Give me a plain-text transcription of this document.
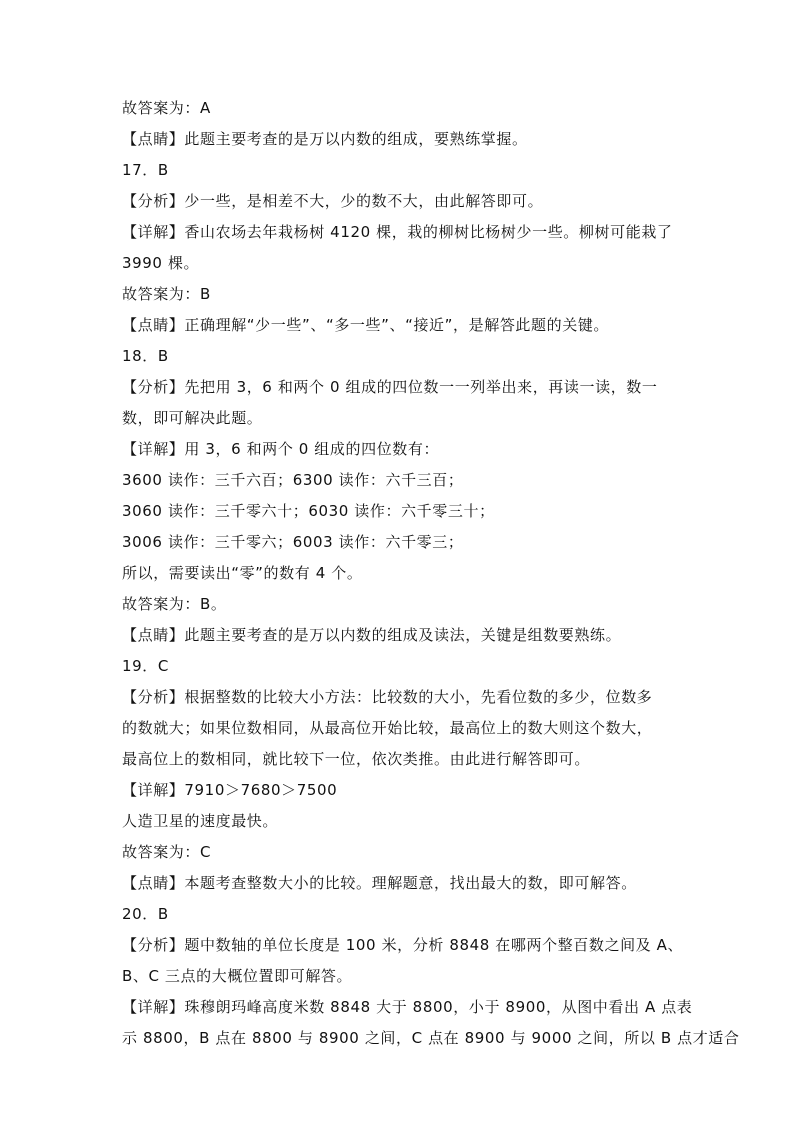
故答案为：A
【点睛】此题主要考查的是万以内数的组成，要熟练掌握。
17．B
【分析】少一些，是相差不大，少的数不大，由此解答即可。
【详解】香山农场去年栽杨树 4120 棵，栽的柳树比杨树少一些。柳树可能栽了
3990 棵。
故答案为：B
【点睛】正确理解“少一些”、“多一些”、“接近”，是解答此题的关键。
18．B
【分析】先把用 3，6 和两个 0 组成的四位数一一列举出来，再读一读，数一
数，即可解决此题。
【详解】用 3，6 和两个 0 组成的四位数有：
3600 读作：三千六百；6300 读作：六千三百；
3060 读作：三千零六十；6030 读作：六千零三十；
3006 读作：三千零六；6003 读作：六千零三；
所以，需要读出“零”的数有 4 个。
故答案为：B。
【点睛】此题主要考查的是万以内数的组成及读法，关键是组数要熟练。
19．C
【分析】根据整数的比较大小方法：比较数的大小，先看位数的多少，位数多
的数就大；如果位数相同，从最高位开始比较，最高位上的数大则这个数大，
最高位上的数相同，就比较下一位，依次类推。由此进行解答即可。
【详解】7910＞7680＞7500
人造卫星的速度最快。
故答案为：C
【点睛】本题考查整数大小的比较。理解题意，找出最大的数，即可解答。
20．B
【分析】题中数轴的单位长度是 100 米，分析 8848 在哪两个整百数之间及 A、
B、C 三点的大概位置即可解答。
【详解】珠穆朗玛峰高度米数 8848 大于 8800，小于 8900，从图中看出 A 点表
示 8800，B 点在 8800 与 8900 之间，C 点在 8900 与 9000 之间，所以 B 点才适合
